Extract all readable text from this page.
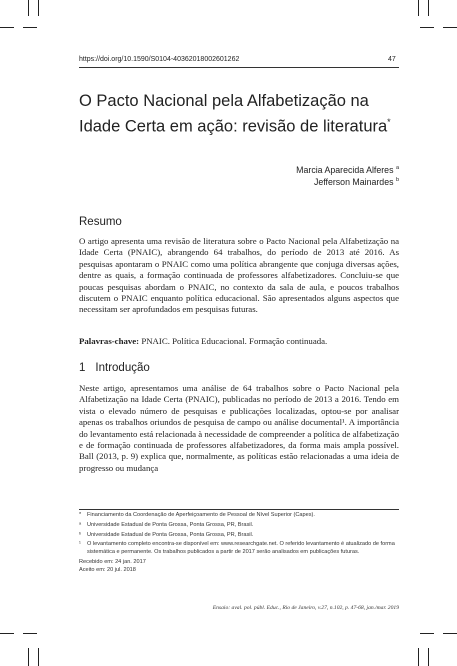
https://doi.org/10.1590/S0104-40362018002601262	47
O Pacto Nacional pela Alfabetização na Idade Certa em ação: revisão de literatura*
Marcia Aparecida Alferes $^a$
Jefferson Mainardes $^b$
Resumo

O artigo apresenta uma revisão de literatura sobre o Pacto Nacional pela Alfabetização na Idade Certa (PNAIC), abrangendo 64 trabalhos, do período de 2013 até 2016. As pesquisas apontaram o PNAIC como uma política abrangente que conjuga diversas ações, dentre as quais, a formação continuada de professores alfabetizadores. Concluiu-se que poucas pesquisas abordam o PNAIC, no contexto da sala de aula, e poucos trabalhos discutem o PNAIC enquanto política educacional. São apresentados alguns aspectos que necessitam ser aprofundados em pesquisas futuras.

Palavras-chave: PNAIC. Política Educacional. Formação continuada.
1 Introdução

Neste artigo, apresentamos uma análise de 64 trabalhos sobre o Pacto Nacional pela Alfabetização na Idade Certa (PNAIC), publicadas no período de 2013 a 2016. Tendo em vista o elevado número de pesquisas e publicações localizadas, optou-se por analisar apenas os trabalhos oriundos de pesquisa de campo ou análise documental¹. A importância do levantamento está relacionada à necessidade de compreender a política de alfabetização e de formação continuada de professores alfabetizadores, da forma mais ampla possível. Ball (2013, p. 9) explica que, normalmente, as políticas estão relacionadas a uma ideia de progresso ou mudança

*	Financiamento da Coordenação de Aperfeiçoamento de Pessoal de Nível Superior (Capes).
ᵃ	Universidade Estadual de Ponta Grossa, Ponta Grossa, PR, Brasil.
ᵇ	Universidade Estadual de Ponta Grossa, Ponta Grossa, PR, Brasil.
¹	O levantamento completo encontra-se disponível em: www.researchgate.net. O referido levantamento é atualizado de forma sistemática e permanente. Os trabalhos publicados a partir de 2017 serão analisados em publicações futuras.
Recebido em: 24 jan. 2017
Aceito em: 20 jul. 2018
Ensaio: aval. pol. públ. Educ., Rio de Janeiro, v.27, n.102, p. 47-68, jan./mar. 2019
